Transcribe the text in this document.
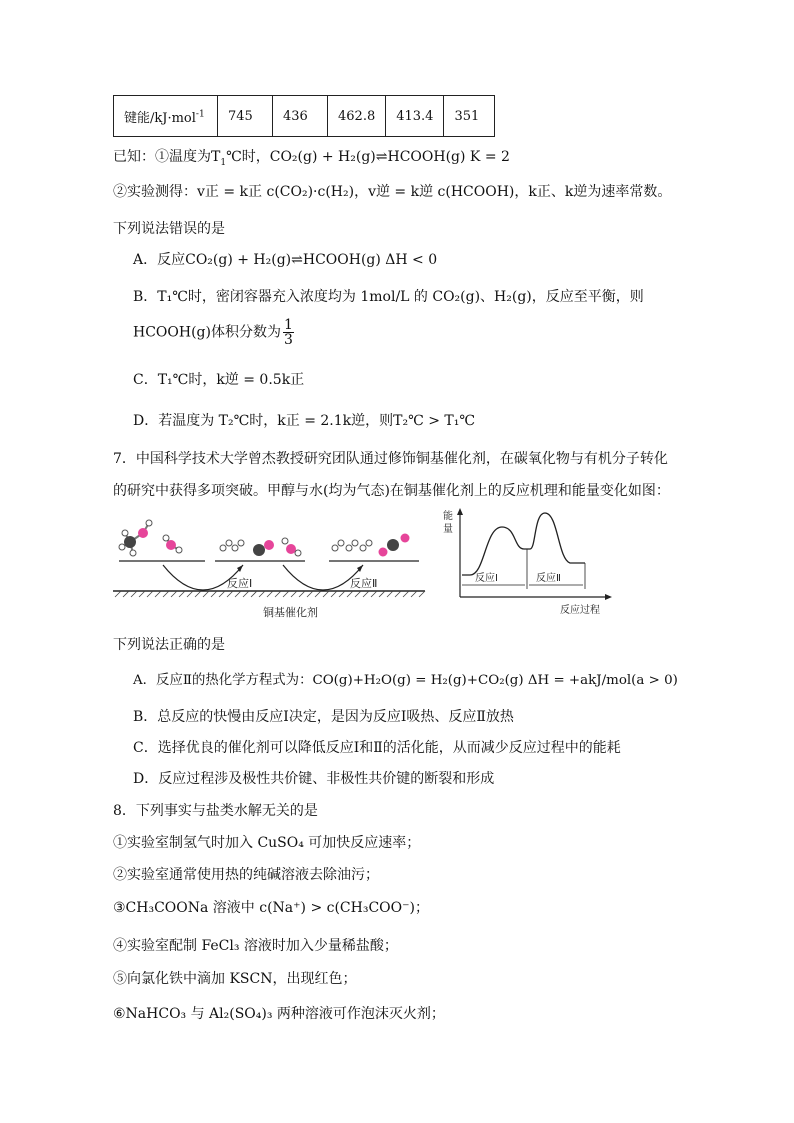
键能/kJ·mol$^{-1}$	745	436	462.8	413.4	351
已知：①温度为$T_1℃$时，CO₂(g) + H₂(g)⇌HCOOH(g) K = 2
②实验测得：v正 = k正 c(CO₂)·c(H₂)，v逆 = k逆 c(HCOOH)，k正、k逆为速率常数。
下列说法错误的是
A．反应CO₂(g) + H₂(g)⇌HCOOH(g) ΔH < 0
B．T₁℃时，密闭容器充入浓度均为 1mol/L 的 CO₂(g)、H₂(g)，反应至平衡，则
HCOOH(g)体积分数为 $\frac{1}{3}$
C．T₁℃时，k逆 = 0.5k正
D．若温度为 T₂℃时，k正 = 2.1k逆，则T₂℃ > T₁℃
7．中国科学技术大学曾杰教授研究团队通过修饰铜基催化剂，在碳氧化物与有机分子转化
的研究中获得多项突破。甲醇与水(均为气态)在铜基催化剂上的反应机理和能量变化如图：
反应Ⅰ	反应Ⅱ
铜基催化剂
能
量
反应Ⅰ	反应Ⅱ
反应过程
下列说法正确的是
A．反应Ⅱ的热化学方程式为：CO(g)+H₂O(g) = H₂(g)+CO₂(g) ΔH = +akJ/mol(a > 0)
B．总反应的快慢由反应Ⅰ决定，是因为反应Ⅰ吸热、反应Ⅱ放热
C．选择优良的催化剂可以降低反应Ⅰ和Ⅱ的活化能，从而减少反应过程中的能耗
D．反应过程涉及极性共价键、非极性共价键的断裂和形成
8．下列事实与盐类水解无关的是
①实验室制氢气时加入 CuSO₄ 可加快反应速率；
②实验室通常使用热的纯碱溶液去除油污；
③CH₃COONa 溶液中 c(Na⁺) > c(CH₃COO⁻)；
④实验室配制 FeCl₃ 溶液时加入少量稀盐酸；
⑤向氯化铁中滴加 KSCN，出现红色；
⑥NaHCO₃ 与 Al₂(SO₄)₃ 两种溶液可作泡沫灭火剂；
